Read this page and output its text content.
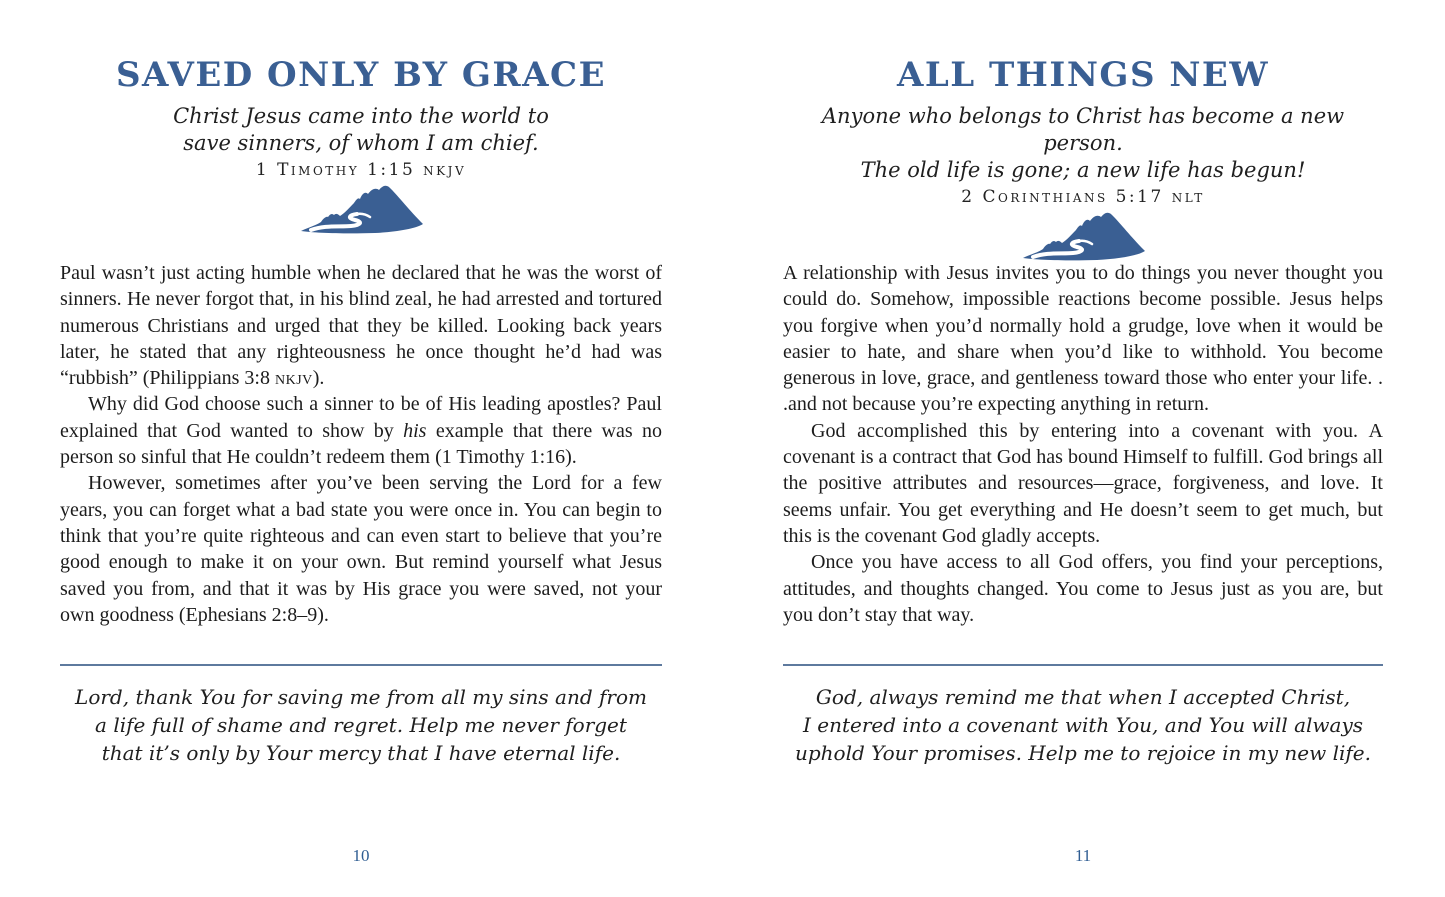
SAVED ONLY BY GRACE
Christ Jesus came into the world to
save sinners, of whom I am chief.
1 Timothy 1:15 nkjv

Paul wasn’t just acting humble when he declared that he was the worst of sinners. He never forgot that, in his blind zeal, he had arrested and tortured numerous Christians and urged that they be killed. Looking back years later, he stated that any righteousness he once thought he’d had was “rubbish” (Philippians 3:8 nkjv).

Why did God choose such a sinner to be of His leading apostles? Paul explained that God wanted to show by his example that there was no person so sinful that He couldn’t redeem them (1 Timothy 1:16).

However, sometimes after you’ve been serving the Lord for a few years, you can forget what a bad state you were once in. You can begin to think that you’re quite righteous and can even start to believe that you’re good enough to make it on your own. But remind yourself what Jesus saved you from, and that it was by His grace you were saved, not your own goodness (Ephesians 2:8–9).

Lord, thank You for saving me from all my sins and from
a life full of shame and regret. Help me never forget
that it’s only by Your mercy that I have eternal life.
10
ALL THINGS NEW
Anyone who belongs to Christ has become a new person.
The old life is gone; a new life has begun!
2 Corinthians 5:17 nlt

A relationship with Jesus invites you to do things you never thought you could do. Somehow, impossible reactions become possible. Jesus helps you forgive when you’d normally hold a grudge, love when it would be easier to hate, and share when you’d like to withhold. You become generous in love, grace, and gentleness toward those who enter your life. . .and not because you’re expecting anything in return.

God accomplished this by entering into a covenant with you. A covenant is a contract that God has bound Himself to fulfill. God brings all the positive attributes and resources—grace, forgiveness, and love. It seems unfair. You get everything and He doesn’t seem to get much, but this is the covenant God gladly accepts.

Once you have access to all God offers, you find your perceptions, attitudes, and thoughts changed. You come to Jesus just as you are, but you don’t stay that way.

God, always remind me that when I accepted Christ,
I entered into a covenant with You, and You will always
uphold Your promises. Help me to rejoice in my new life.
11
